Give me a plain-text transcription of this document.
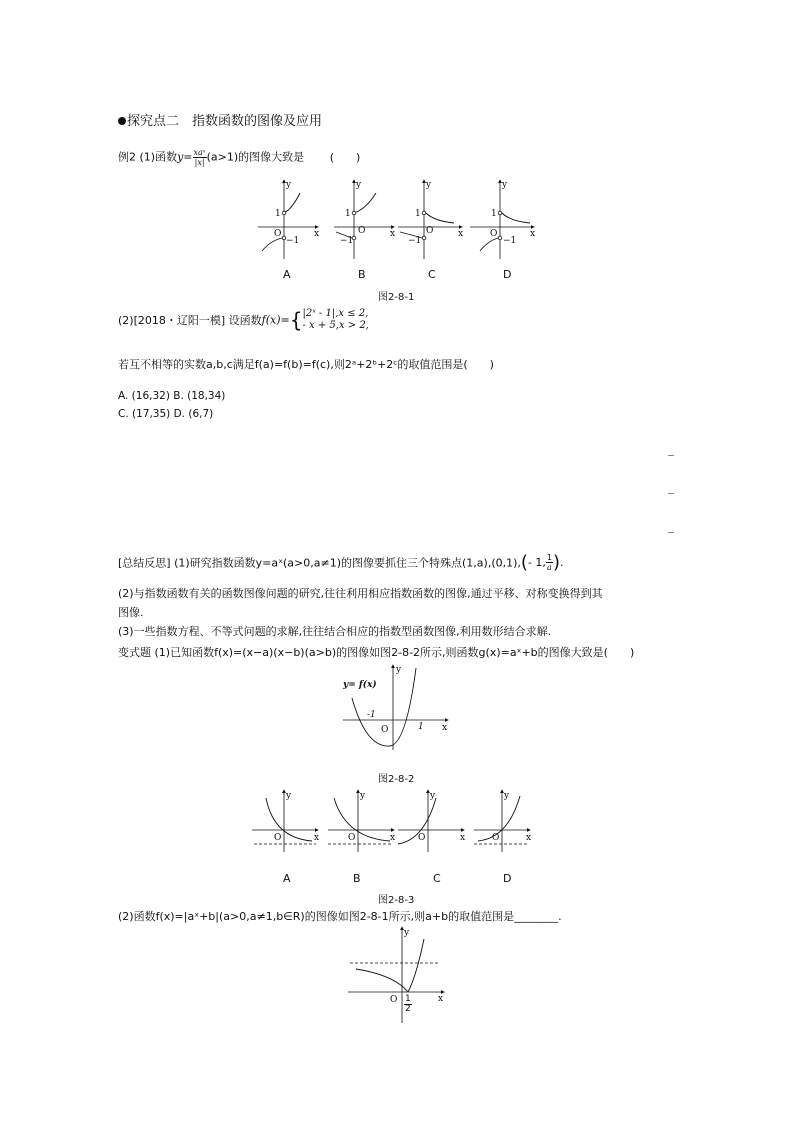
探究点二　指数函数的图像及应用
例2 (1)函数$y= \frac{\text{xaˣ}}{|x|} (a>1)$的图像大致是 (　　)
y
x
1
O
−1
y
x
1
O
−1
y
x
1
O
−1
y
x
1
O
−1
A	B	C	D
图2-8-1
(2)[2018・辽阳一模] 设函数f(x)={ |2ˣ - 1|,x ≤ 2,
- x + 5,x > 2,
若互不相等的实数a,b,c满足f(a)=f(b)=f(c),则2ᵃ+2ᵇ+2ᶜ的取值范围是(　　)
A. (16,32) B. (18,34)
C. (17,35) D. (6,7)
[总结反思] (1)研究指数函数y=aˣ(a>0,a≠1)的图像要抓住三个特殊点(1,a),(0,1),(- 1, $\frac{1}{a}$ ).
(2)与指数函数有关的函数图像问题的研究,往往利用相应指数函数的图像,通过平移、对称变换得到其
图像.
(3)一些指数方程、不等式问题的求解,往往结合相应的指数型函数图像,利用数形结合求解.
变式题 (1)已知函数f(x)=(x−a)(x−b)(a>b)的图像如图2-8-2所示,则函数g(x)=aˣ+b的图像大致是(　　)
y
x
O
y= f(x)
-1
1
图2-8-2
y
x
O
y
x
O
y
x
O
y
x
O
A	B	C	D
图2-8-3
(2)函数f(x)=|aˣ+b|(a>0,a≠1,b∈R)的图像如图2-8-1所示,则a+b的取值范围是________.
y
x
O $\frac{1}{2}$
